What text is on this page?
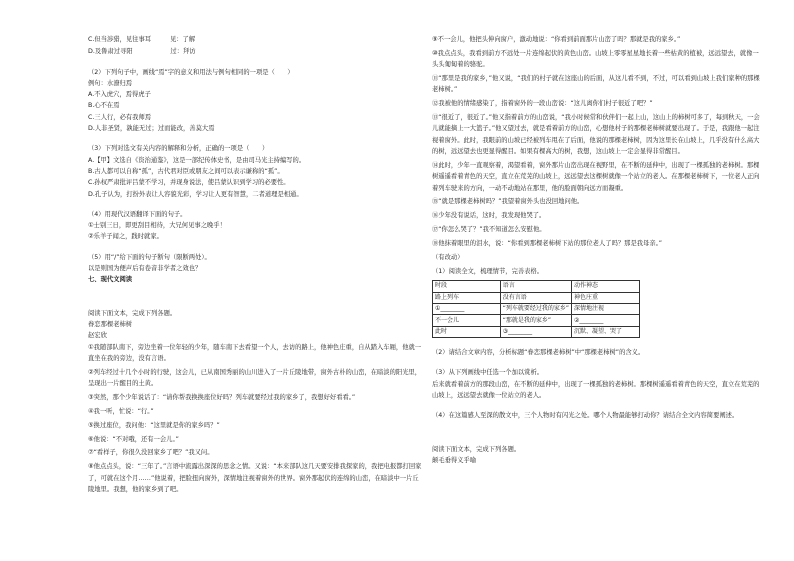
C.但当涉猎，见往事耳　　　见：了解

D.及鲁肃过寻阳　　　　　　过：拜访

（2）下列句子中，画线“焉”字的意义和用法与例句相同的一项是（　　）

例句：水潦归焉

A.不入虎穴，焉得虎子

B.心不在焉

C.三人行，必有我师焉

D.人非圣贤，孰能无过；过而能改，善莫大焉

（3）下列对选文有关内容的解释和分析，正确的一项是（　　）

A.【甲】文选自《资治通鉴》，这是一部纪传体史书，是由司马光主持编写的。

B.古人都可以自称“孤”，古代君对臣或朋友之间可以表示谦称的“孤”。

C.孙权严肃批评吕蒙不学习，并现身说法，使吕蒙认识到学习的必要性。

D.孔子认为，打扮外表让人容貌光彩，学习让人更有智慧，二者道理是相通。

（4）用现代汉语翻译下面的句子。

①士别三日，即更刮目相待，大兄何见事之晚乎！

②乐羊子闻之，践时就家。

（5）用“/”给下面的句子断句（限断两处）。

以是则国为便声后有卷音非学者之效也？

七、现代文阅读

阅读下面文本，完成下列各题。

眷恋那棵老柿树

赵宏欣

①我随部队南下，旁边坐着一位年轻的少年，随车南下去看望一个人，去访的路上，他神色庄重，自从踏入车厢，他就一直坐在我的旁边，没有言语。

②列车经过十几个小时的行驶，这会儿，已从南国秀丽的山川进入了一片丘陵地带，窗外古朴的山峦，在暗淡的阳光里，呈现出一片醒目的土黄。

③突然，那个少年说话了：“请你帮我换换座位好吗？列车就要经过我的家乡了，我想好好看看。”

④我一听，忙说：“行。”

⑤换过座位，我问他：“这里就是你的家乡吗？”

⑥他说：“不对哦，还有一会儿。”

⑦“看样子，你很久没回家乡了吧？”我又问。

⑧他点点头，说：“三年了。”言语中流露出深深的思念之情。又说：“本来部队这几天要安排我探家的，我把电报都打回家了，可就在这个月……”他说着，把脸扭向窗外，深情地注视着窗外的世界。窗外那起伏的连绵的山峦，在暗淡中一片丘陵地里。我想，他的家乡到了吧。

⑨不一会儿，他把头伸向窗户，激动地说：“你看到前面那片山峦了吗？那就是我的家乡。”

⑩我点点头，我看到前方不远处一片连绵起伏的黄色山峦。山坡上零零星星地长着一些枯黄的植被，远远望去，就像一头头匍匐着的骆驼。

⑪“那里是我的家乡，”他又说，“我们的村子就在这座山的后面，从这儿看不到，不过，可以看到山坡上我们家种的那棵老柿树。”

⑫我被他的情绪感染了，指着窗外的一段山峦说：“这儿离你们村子很近了吧？”

⑬“很近了，很近了。”他又指着前方的山峦说，“我小时候常和伙伴们一起上山，这山上的柿树可多了，每到秋天，一会儿就能摘上一大篮子。”他又望过去，就是看着前方的山峦，心想他村子的那棵老柿树就要出现了。于是，我跟他一起注视着窗外。此时，我眼前的山坡已经被列车甩在了后面，他说的那棵老柿树，因为这里长在山坡上，几乎没有什么高大的树，远远望去也更显得醒目。如果有棵高大的树，我想，这山坡上一定会显得非常醒目。

⑭此时，少年一直观察着，渴望看着，窗外那片山峦出现在视野里，在不断的延伸中，出现了一棵孤独的老柿树。那棵树遥遥看着青色的天空，直立在荒芜的山坡上，远远望去这棵树就像一个站立的老人。在那棵老柿树下，一位老人正向着列车驶来的方向，一动不动地站在那里，他的脸面朝向远方而凝重。

⑮“就是那棵老柿树吗？”我望着窗外头也没回地问他。

⑯少年没有说话，这时，我发现他哭了。

⑰“你怎么哭了？”我不知道怎么安慰他。

⑱他抹着眼里的泪水，说：“你看到那棵老柿树下站的那位老人了吗？那是我母亲。”

（有改动）

（1）阅读全文，梳理情节，完善表格。

时段	语言	动作神态
路上列车	没有言语	神色庄重
①________	“列车就要经过我的家乡”	深情地注视
不一会儿	“那就是我的家乡”	②________
此时	③________	沉默、凝望、哭了

（2）请结合文章内容，分析标题“眷恋那棵老柿树”中“那棵老柿树”的含义。

（3）从下列画线中任选一个加以赏析。

后来就看着前方的那段山峦，在不断的延伸中，出现了一棵孤独的老柿树。那棵树遥遥看着青色的天空，直立在荒芜的山坡上，远远望去就像一位站立的老人。

（4）在这篇感人至深的散文中，三个人物时有闪光之处。哪个人物最能够打动你？请结合全文内容简要阐述。

阅读下面文本，完成下列各题。

颠毛垂得义乎喻
